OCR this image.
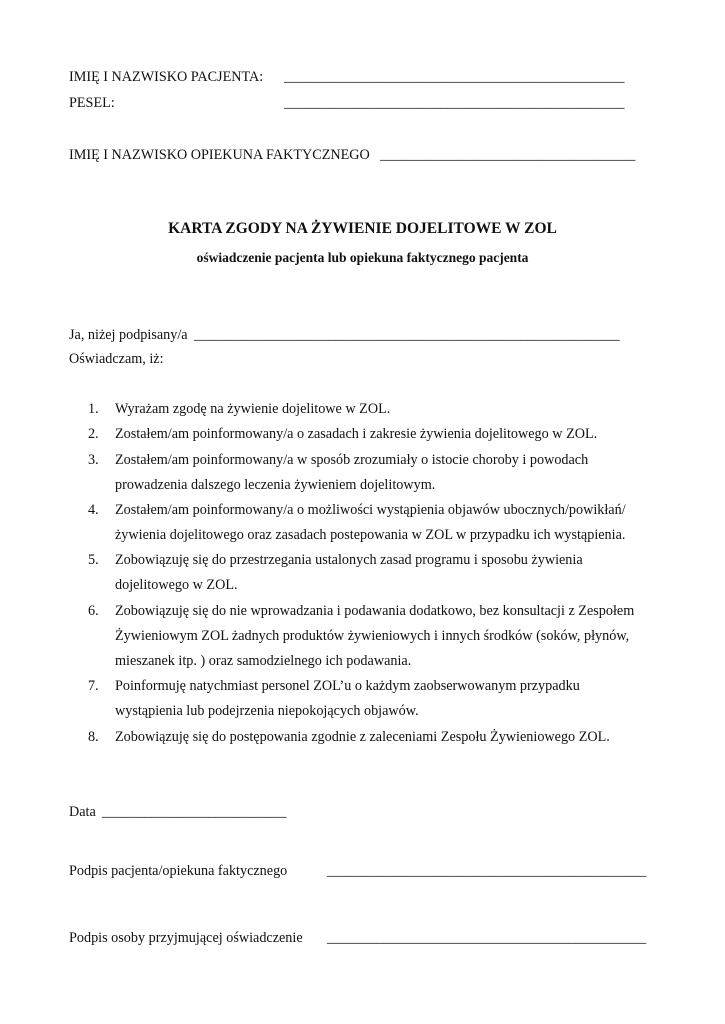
IMIĘ I NAZWISKO PACJENTA: ________________________________________________
PESEL:	________________________________________________
IMIĘ I NAZWISKO OPIEKUNA FAKTYCZNEGO ____________________________________
KARTA ZGODY NA ŻYWIENIE DOJELITOWE W ZOL
oświadczenie pacjenta lub opiekuna faktycznego pacjenta
Ja, niżej podpisany/a ____________________________________________________________
Oświadczam, iż:
1. Wyrażam zgodę na żywienie dojelitowe w ZOL.
2. Zostałem/am poinformowany/a o zasadach i zakresie żywienia dojelitowego w ZOL.
3. Zostałem/am poinformowany/a w sposób zrozumiały o istocie choroby i powodach
prowadzenia dalszego leczenia żywieniem dojelitowym.
4. Zostałem/am poinformowany/a o możliwości wystąpienia objawów ubocznych/powikłań/
żywienia dojelitowego oraz zasadach postepowania w ZOL w przypadku ich wystąpienia.
5. Zobowiązuję się do przestrzegania ustalonych zasad programu i sposobu żywienia
dojelitowego w ZOL.
6. Zobowiązuję się do nie wprowadzania i podawania dodatkowo, bez konsultacji z Zespołem
Żywieniowym ZOL żadnych produktów żywieniowych i innych środków (soków, płynów,
mieszanek itp. ) oraz samodzielnego ich podawania.
7. Poinformuję natychmiast personel ZOL’u o każdym zaobserwowanym przypadku
wystąpienia lub podejrzenia niepokojących objawów.
8. Zobowiązuję się do postępowania zgodnie z zaleceniami Zespołu Żywieniowego ZOL.
Data __________________________
Podpis pacjenta/opiekuna faktycznego	_____________________________________________
Podpis osoby przyjmującej oświadczenie _____________________________________________
